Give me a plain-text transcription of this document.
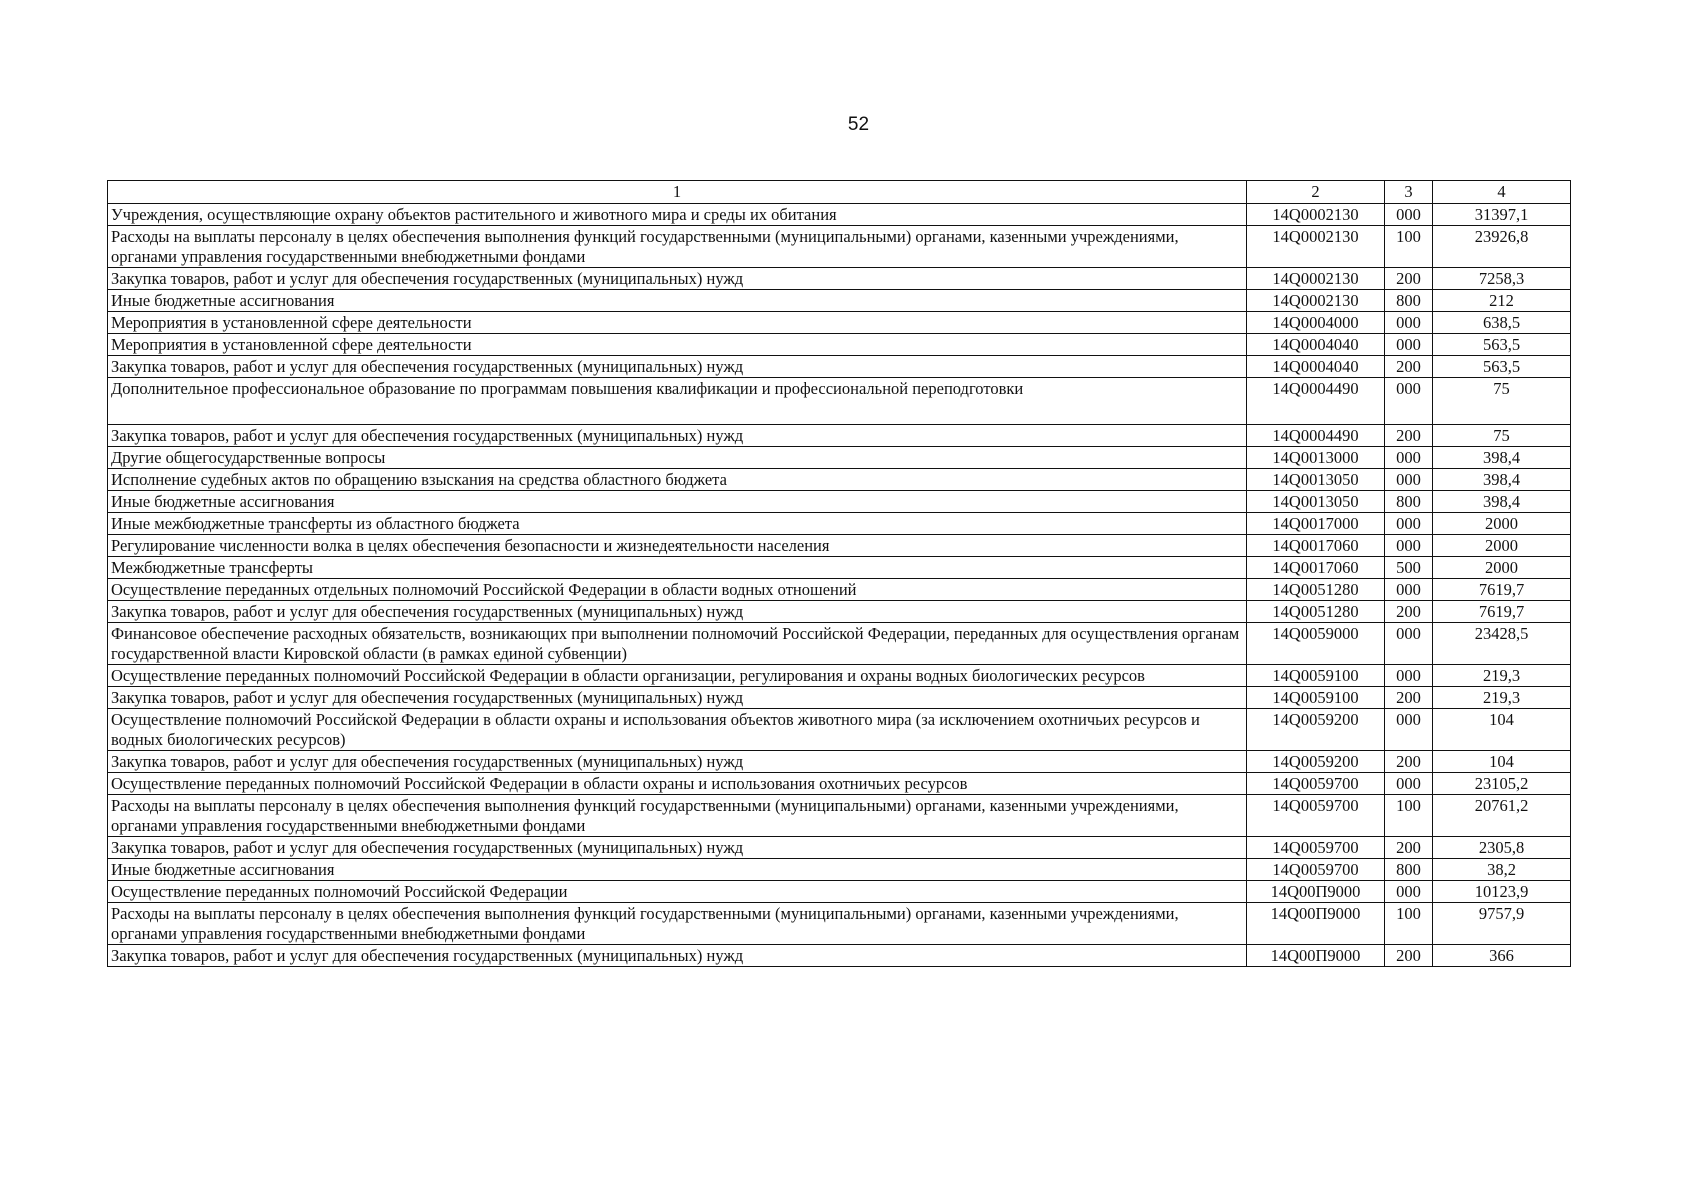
52
1	2	3	4
Учреждения, осуществляющие охрану объектов растительного и животного мира и среды их обитания	14Q0002130	000	31397,1
Расходы на выплаты персоналу в целях обеспечения выполнения функций государственными (муниципальными) органами, казенными учреждениями, органами управления государственными внебюджетными фондами	14Q0002130	100	23926,8
Закупка товаров, работ и услуг для обеспечения государственных (муниципальных) нужд	14Q0002130	200	7258,3
Иные бюджетные ассигнования	14Q0002130	800	212
Мероприятия в установленной сфере деятельности	14Q0004000	000	638,5
Мероприятия в установленной сфере деятельности	14Q0004040	000	563,5
Закупка товаров, работ и услуг для обеспечения государственных (муниципальных) нужд	14Q0004040	200	563,5
Дополнительное профессиональное образование по программам повышения квалификации и профессиональной переподготовки	14Q0004490	000	75
Закупка товаров, работ и услуг для обеспечения государственных (муниципальных) нужд	14Q0004490	200	75
Другие общегосударственные вопросы	14Q0013000	000	398,4
Исполнение судебных актов по обращению взыскания на средства областного бюджета	14Q0013050	000	398,4
Иные бюджетные ассигнования	14Q0013050	800	398,4
Иные межбюджетные трансферты из областного бюджета	14Q0017000	000	2000
Регулирование численности волка в целях обеспечения безопасности и жизнедеятельности населения	14Q0017060	000	2000
Межбюджетные трансферты	14Q0017060	500	2000
Осуществление переданных отдельных полномочий Российской Федерации в области водных отношений	14Q0051280	000	7619,7
Закупка товаров, работ и услуг для обеспечения государственных (муниципальных) нужд	14Q0051280	200	7619,7
Финансовое обеспечение расходных обязательств, возникающих при выполнении полномочий Российской Федерации, переданных для осуществления органам государственной власти Кировской области (в рамках единой субвенции)	14Q0059000	000	23428,5
Осуществление переданных полномочий Российской Федерации в области организации, регулирования и охраны водных биологических ресурсов	14Q0059100	000	219,3
Закупка товаров, работ и услуг для обеспечения государственных (муниципальных) нужд	14Q0059100	200	219,3
Осуществление полномочий Российской Федерации в области охраны и использования объектов животного мира (за исключением охотничьих ресурсов и водных биологических ресурсов)	14Q0059200	000	104
Закупка товаров, работ и услуг для обеспечения государственных (муниципальных) нужд	14Q0059200	200	104
Осуществление переданных полномочий Российской Федерации в области охраны и использования охотничьих ресурсов	14Q0059700	000	23105,2
Расходы на выплаты персоналу в целях обеспечения выполнения функций государственными (муниципальными) органами, казенными учреждениями, органами управления государственными внебюджетными фондами	14Q0059700	100	20761,2
Закупка товаров, работ и услуг для обеспечения государственных (муниципальных) нужд	14Q0059700	200	2305,8
Иные бюджетные ассигнования	14Q0059700	800	38,2
Осуществление переданных полномочий Российской Федерации	14Q00П9000	000	10123,9
Расходы на выплаты персоналу в целях обеспечения выполнения функций государственными (муниципальными) органами, казенными учреждениями, органами управления государственными внебюджетными фондами	14Q00П9000	100	9757,9
Закупка товаров, работ и услуг для обеспечения государственных (муниципальных) нужд	14Q00П9000	200	366
